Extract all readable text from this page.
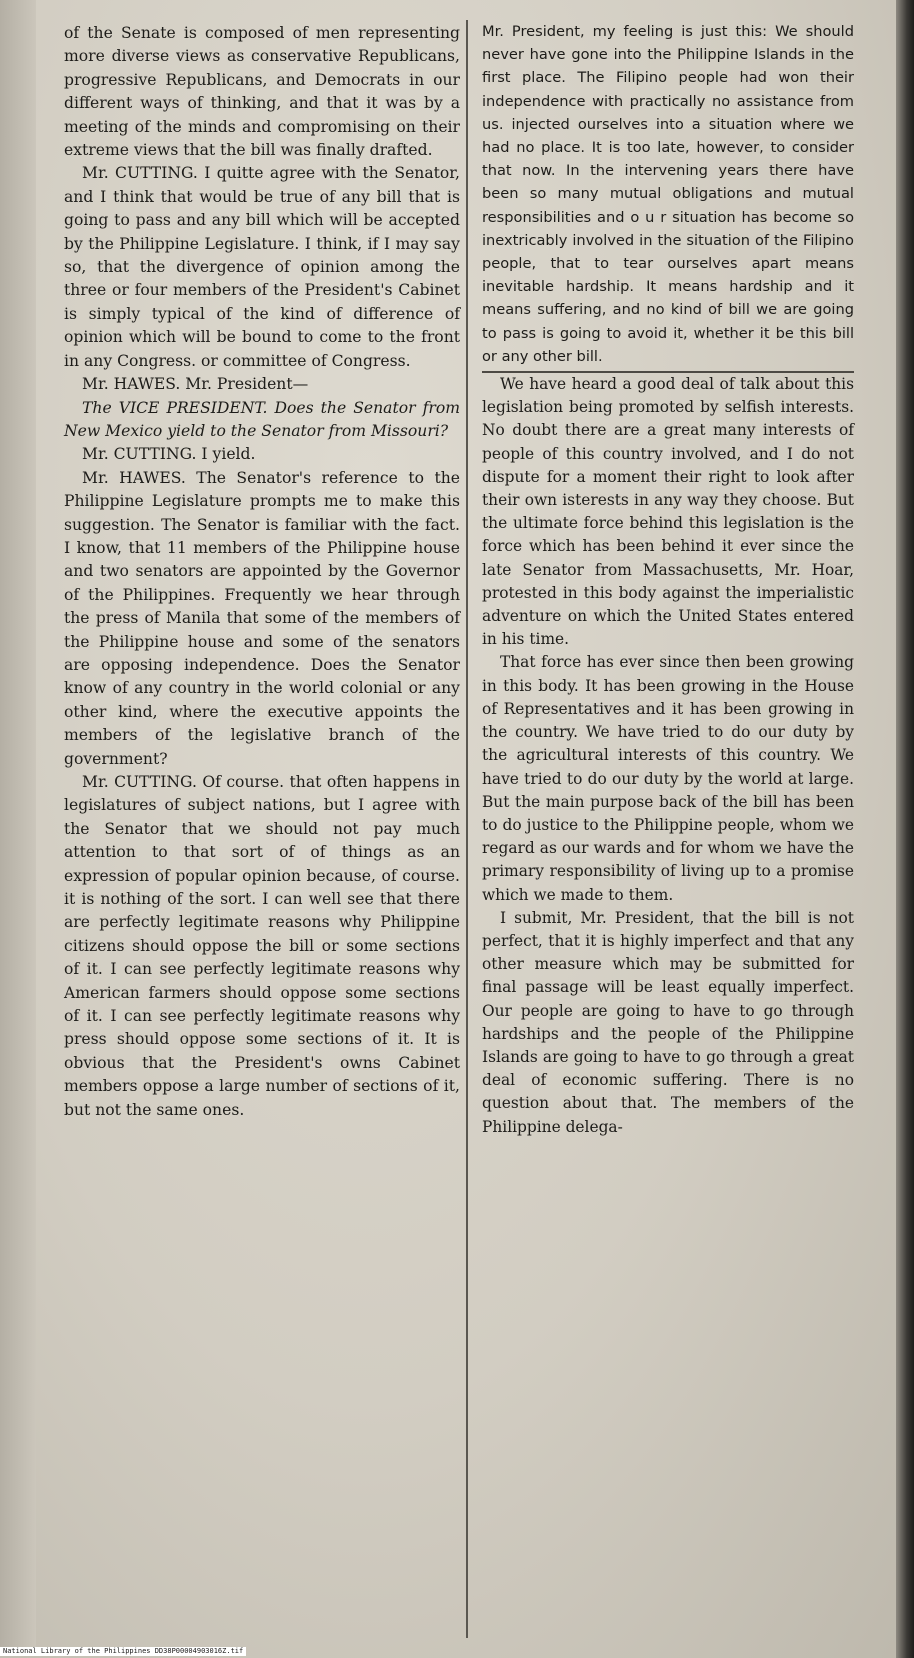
of the Senate is composed of men representing more diverse views as conservative Republicans, progressive Republicans, and Democrats in our different ways of thinking, and that it was by a meeting of the minds and compromising on their extreme views that the bill was finally drafted.

Mr. CUTTING. I quitte agree with the Senator, and I think that would be true of any bill that is going to pass and any bill which will be accepted by the Philippine Legislature. I think, if I may say so, that the divergence of opinion among the three or four members of the President's Cabinet is simply typical of the kind of difference of opinion which will be bound to come to the front in any Congress. or committee of Congress.

Mr. HAWES. Mr. President—

The VICE PRESIDENT. Does the Senator from New Mexico yield to the Senator from Missouri?

Mr. CUTTING. I yield.

Mr. HAWES. The Senator's reference to the Philippine Legislature prompts me to make this suggestion. The Senator is familiar with the fact. I know, that 11 members of the Philippine house and two senators are appointed by the Governor of the Philippines. Frequently we hear through the press of Manila that some of the members of the Philippine house and some of the senators are opposing independence. Does the Senator know of any country in the world colonial or any other kind, where the executive appoints the members of the legislative branch of the government?

Mr. CUTTING. Of course. that often happens in legislatures of subject nations, but I agree with the Senator that we should not pay much attention to that sort of of things as an expression of popular opinion because, of course. it is nothing of the sort. I can well see that there are perfectly legitimate reasons why Philippine citizens should oppose the bill or some sections of it. I can see perfectly legitimate reasons why American farmers should oppose some sections of it. I can see perfectly legitimate reasons why press should oppose some sections of it. It is obvious that the President's owns Cabinet members oppose a large number of sections of it, but not the same ones.

Mr. President, my feeling is just this: We should never have gone into the Philippine Islands in the first place. The Filipino people had won their independence with practically no assistance from us. injected ourselves into a situation where we had no place. It is too late, however, to consider that now. In the intervening years there have been so many mutual obligations and mutual responsibilities and o u r situation has become so inextricably involved in the situation of the Filipino people, that to tear ourselves apart means inevitable hardship. It means hardship and it means suffering, and no kind of bill we are going to pass is going to avoid it, whether it be this bill or any other bill.

We have heard a good deal of talk about this legislation being promoted by selfish interests. No doubt there are a great many interests of people of this country involved, and I do not dispute for a moment their right to look after their own isterests in any way they choose. But the ultimate force behind this legislation is the force which has been behind it ever since the late Senator from Massachusetts, Mr. Hoar, protested in this body against the imperialistic adventure on which the United States entered in his time.

That force has ever since then been growing in this body. It has been growing in the House of Representatives and it has been growing in the country. We have tried to do our duty by the agricultural interests of this country. We have tried to do our duty by the world at large. But the main purpose back of the bill has been to do justice to the Philippine people, whom we regard as our wards and for whom we have the primary responsibility of living up to a promise which we made to them.

I submit, Mr. President, that the bill is not perfect, that it is highly imperfect and that any other measure which may be submitted for final passage will be least equally imperfect. Our people are going to have to go through hardships and the people of the Philippine Islands are going to have to go through a great deal of economic suffering. There is no question about that. The members of the Philippine delega-

National Library of the Philippines DD38P00004903016Z.tif
